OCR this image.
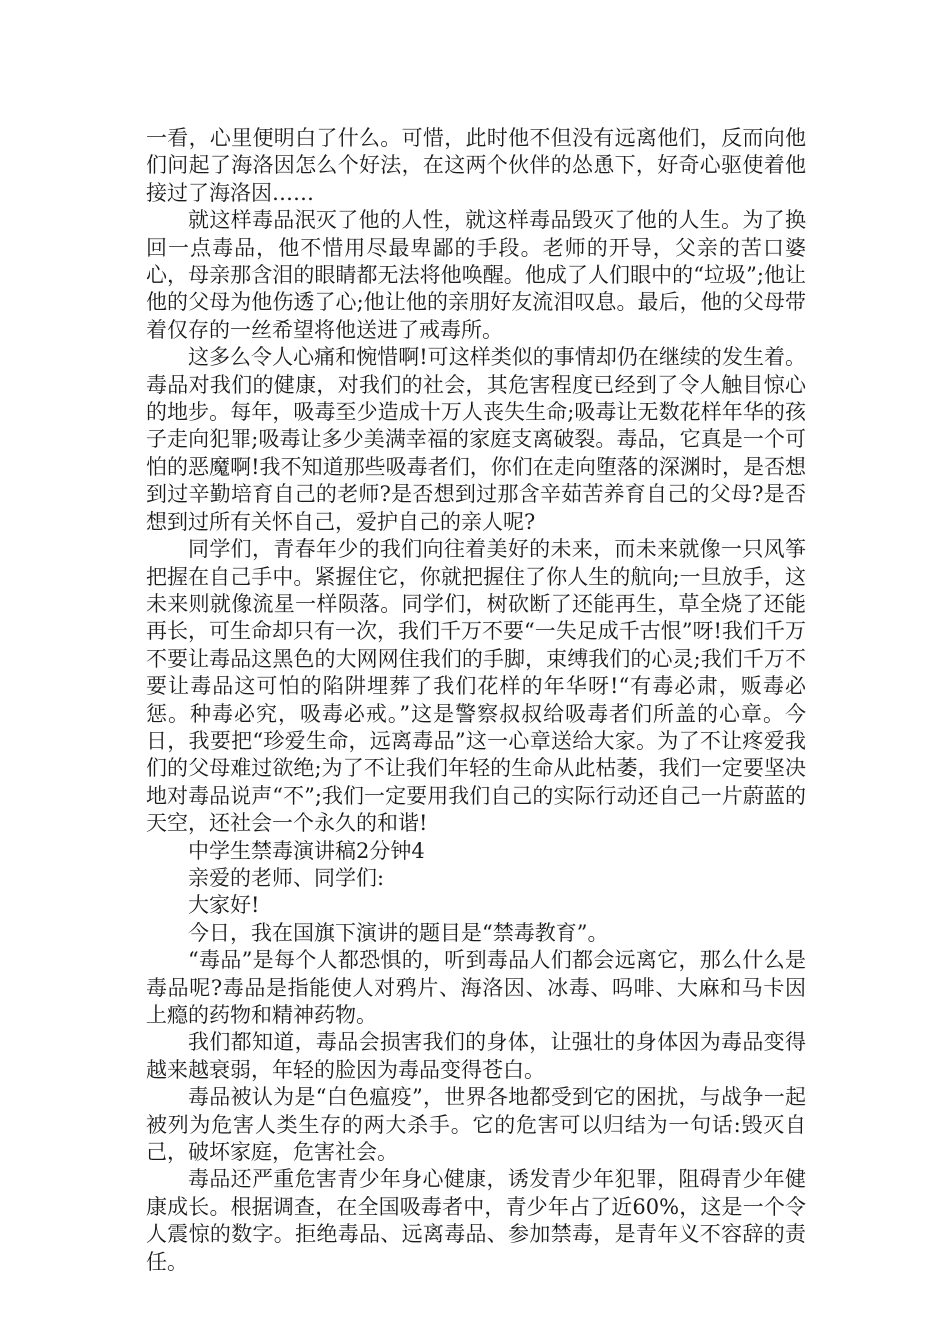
一看，心里便明白了什么。可惜，此时他不但没有远离他们，反而向他们问起了海洛因怎么个好法，在这两个伙伴的怂恿下，好奇心驱使着他接过了海洛因……

就这样毒品泯灭了他的人性，就这样毒品毁灭了他的人生。为了换回一点毒品，他不惜用尽最卑鄙的手段。老师的开导，父亲的苦口婆心，母亲那含泪的眼睛都无法将他唤醒。他成了人们眼中的“垃圾”;他让他的父母为他伤透了心;他让他的亲朋好友流泪叹息。最后，他的父母带着仅存的一丝希望将他送进了戒毒所。

这多么令人心痛和惋惜啊!可这样类似的事情却仍在继续的发生着。毒品对我们的健康，对我们的社会，其危害程度已经到了令人触目惊心的地步。每年，吸毒至少造成十万人丧失生命;吸毒让无数花样年华的孩子走向犯罪;吸毒让多少美满幸福的家庭支离破裂。毒品，它真是一个可怕的恶魔啊!我不知道那些吸毒者们，你们在走向堕落的深渊时，是否想到过辛勤培育自己的老师?是否想到过那含辛茹苦养育自己的父母?是否想到过所有关怀自己，爱护自己的亲人呢?

同学们，青春年少的我们向往着美好的未来，而未来就像一只风筝把握在自己手中。紧握住它，你就把握住了你人生的航向;一旦放手，这未来则就像流星一样陨落。同学们，树砍断了还能再生，草全烧了还能再长，可生命却只有一次，我们千万不要“一失足成千古恨”呀!我们千万不要让毒品这黑色的大网网住我们的手脚，束缚我们的心灵;我们千万不要让毒品这可怕的陷阱埋葬了我们花样的年华呀!“有毒必肃，贩毒必惩。种毒必究，吸毒必戒。”这是警察叔叔给吸毒者们所盖的心章。今日，我要把“珍爱生命，远离毒品”这一心章送给大家。为了不让疼爱我们的父母难过欲绝;为了不让我们年轻的生命从此枯萎，我们一定要坚决地对毒品说声“不”;我们一定要用我们自己的实际行动还自己一片蔚蓝的天空，还社会一个永久的和谐!

中学生禁毒演讲稿2分钟4

亲爱的老师、同学们:

大家好!

今日，我在国旗下演讲的题目是“禁毒教育”。

“毒品”是每个人都恐惧的，听到毒品人们都会远离它，那么什么是毒品呢?毒品是指能使人对鸦片、海洛因、冰毒、吗啡、大麻和马卡因上瘾的药物和精神药物。

我们都知道，毒品会损害我们的身体，让强壮的身体因为毒品变得越来越衰弱，年轻的脸因为毒品变得苍白。

毒品被认为是“白色瘟疫”，世界各地都受到它的困扰，与战争一起被列为危害人类生存的两大杀手。它的危害可以归结为一句话:毁灭自己，破坏家庭，危害社会。

毒品还严重危害青少年身心健康，诱发青少年犯罪，阻碍青少年健康成长。根据调查，在全国吸毒者中，青少年占了近60%，这是一个令人震惊的数字。拒绝毒品、远离毒品、参加禁毒，是青年义不容辞的责任。
